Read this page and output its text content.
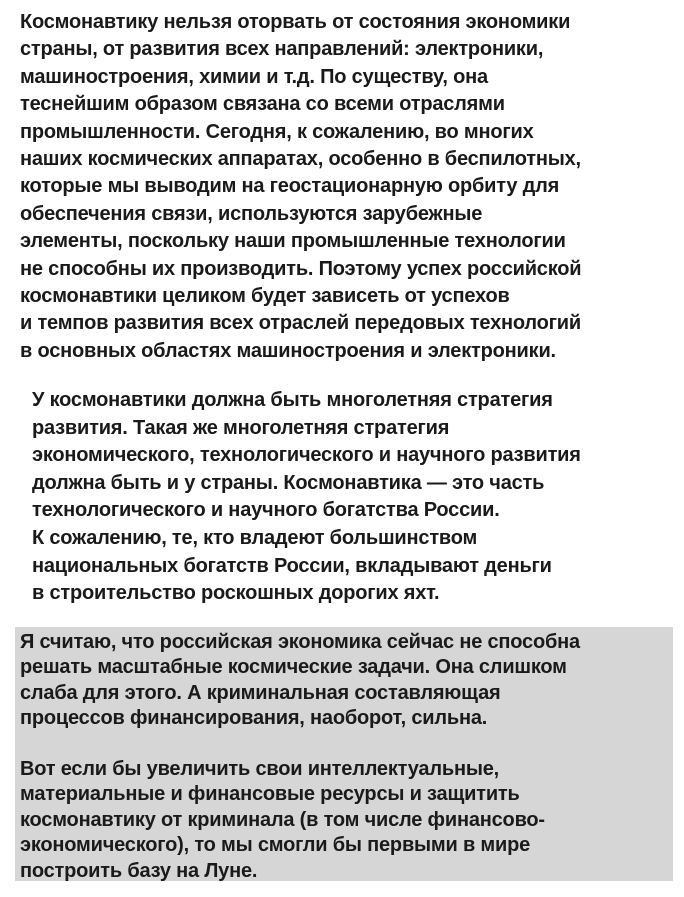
Космонавтику нельзя оторвать от состояния экономики
страны, от развития всех направлений: электроники,
машиностроения, химии и т.д. По существу, она
теснейшим образом связана со всеми отраслями
промышленности. Сегодня, к сожалению, во многих
наших космических аппаратах, особенно в беспилотных,
которые мы выводим на геостационарную орбиту для
обеспечения связи, используются зарубежные
элементы, поскольку наши промышленные технологии
не способны их производить. Поэтому успех российской
космонавтики целиком будет зависеть от успехов
и темпов развития всех отраслей передовых технологий
в основных областях машиностроения и электроники.
У космонавтики должна быть многолетняя стратегия
развития. Такая же многолетняя стратегия
экономического, технологического и научного развития
должна быть и у страны. Космонавтика — это часть
технологического и научного богатства России.
К сожалению, те, кто владеют большинством
национальных богатств России, вкладывают деньги
в строительство роскошных дорогих яхт.
Я считаю, что российская экономика сейчас не способна
решать масштабные космические задачи. Она слишком
слаба для этого. А криминальная составляющая
процессов финансирования, наоборот, сильна.
Вот если бы увеличить свои интеллектуальные,
материальные и финансовые ресурсы и защитить
космонавтику от криминала (в том числе финансово-
экономического), то мы смогли бы первыми в мире
построить базу на Луне.
